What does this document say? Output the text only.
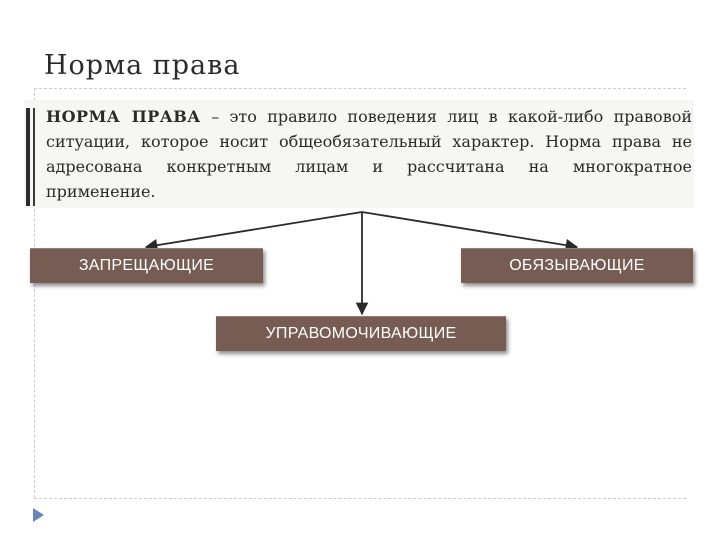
Норма права

НОРМА ПРАВА – это правило поведения лиц в какой-либо правовой ситуации, которое носит общеобязательный характер. Норма права не адресована конкретным лицам и рассчитана на многократное применение.

ЗАПРЕЩАЮЩИЕ	ОБЯЗЫВАЮЩИЕ
УПРАВОМОЧИВАЮЩИЕ
